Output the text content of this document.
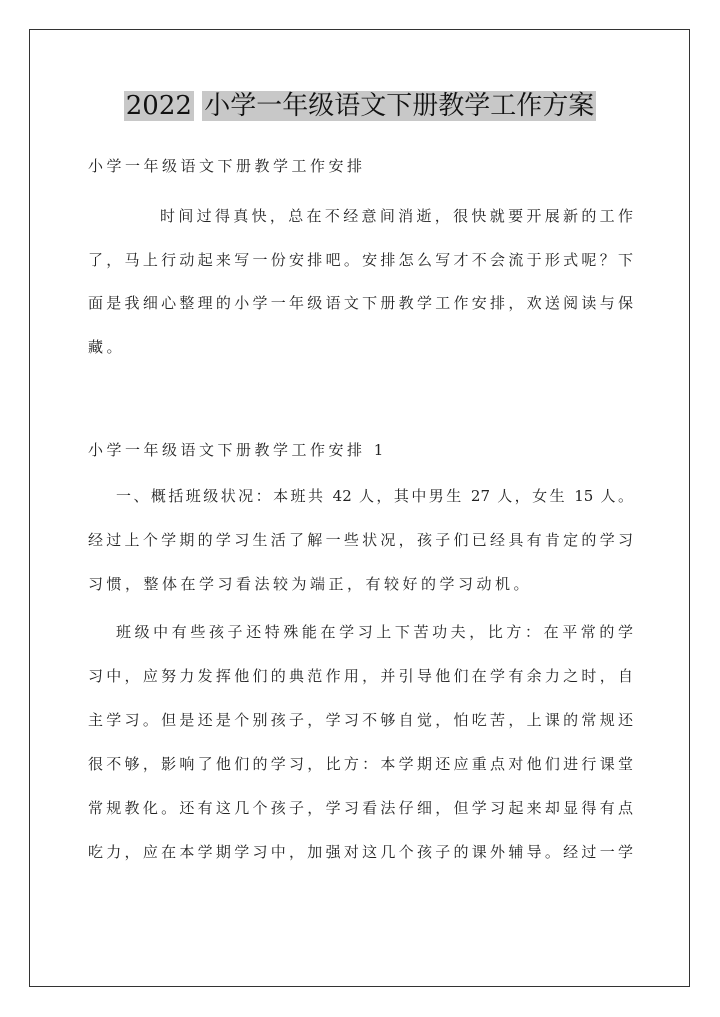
2022 小学一年级语文下册教学工作方案
小学一年级语文下册教学工作安排
时间过得真快，总在不经意间消逝，很快就要开展新的工作
了，马上行动起来写一份安排吧。安排怎么写才不会流于形式呢？下
面是我细心整理的小学一年级语文下册教学工作安排，欢送阅读与保
藏。
小学一年级语文下册教学工作安排 1
一、概括班级状况：本班共 42 人，其中男生 27 人，女生 15 人。
经过上个学期的学习生活了解一些状况，孩子们已经具有肯定的学习
习惯，整体在学习看法较为端正，有较好的学习动机。
班级中有些孩子还特殊能在学习上下苦功夫，比方：在平常的学
习中，应努力发挥他们的典范作用，并引导他们在学有余力之时，自
主学习。但是还是个别孩子，学习不够自觉，怕吃苦，上课的常规还
很不够，影响了他们的学习，比方：本学期还应重点对他们进行课堂
常规教化。还有这几个孩子，学习看法仔细，但学习起来却显得有点
吃力，应在本学期学习中，加强对这几个孩子的课外辅导。经过一学
